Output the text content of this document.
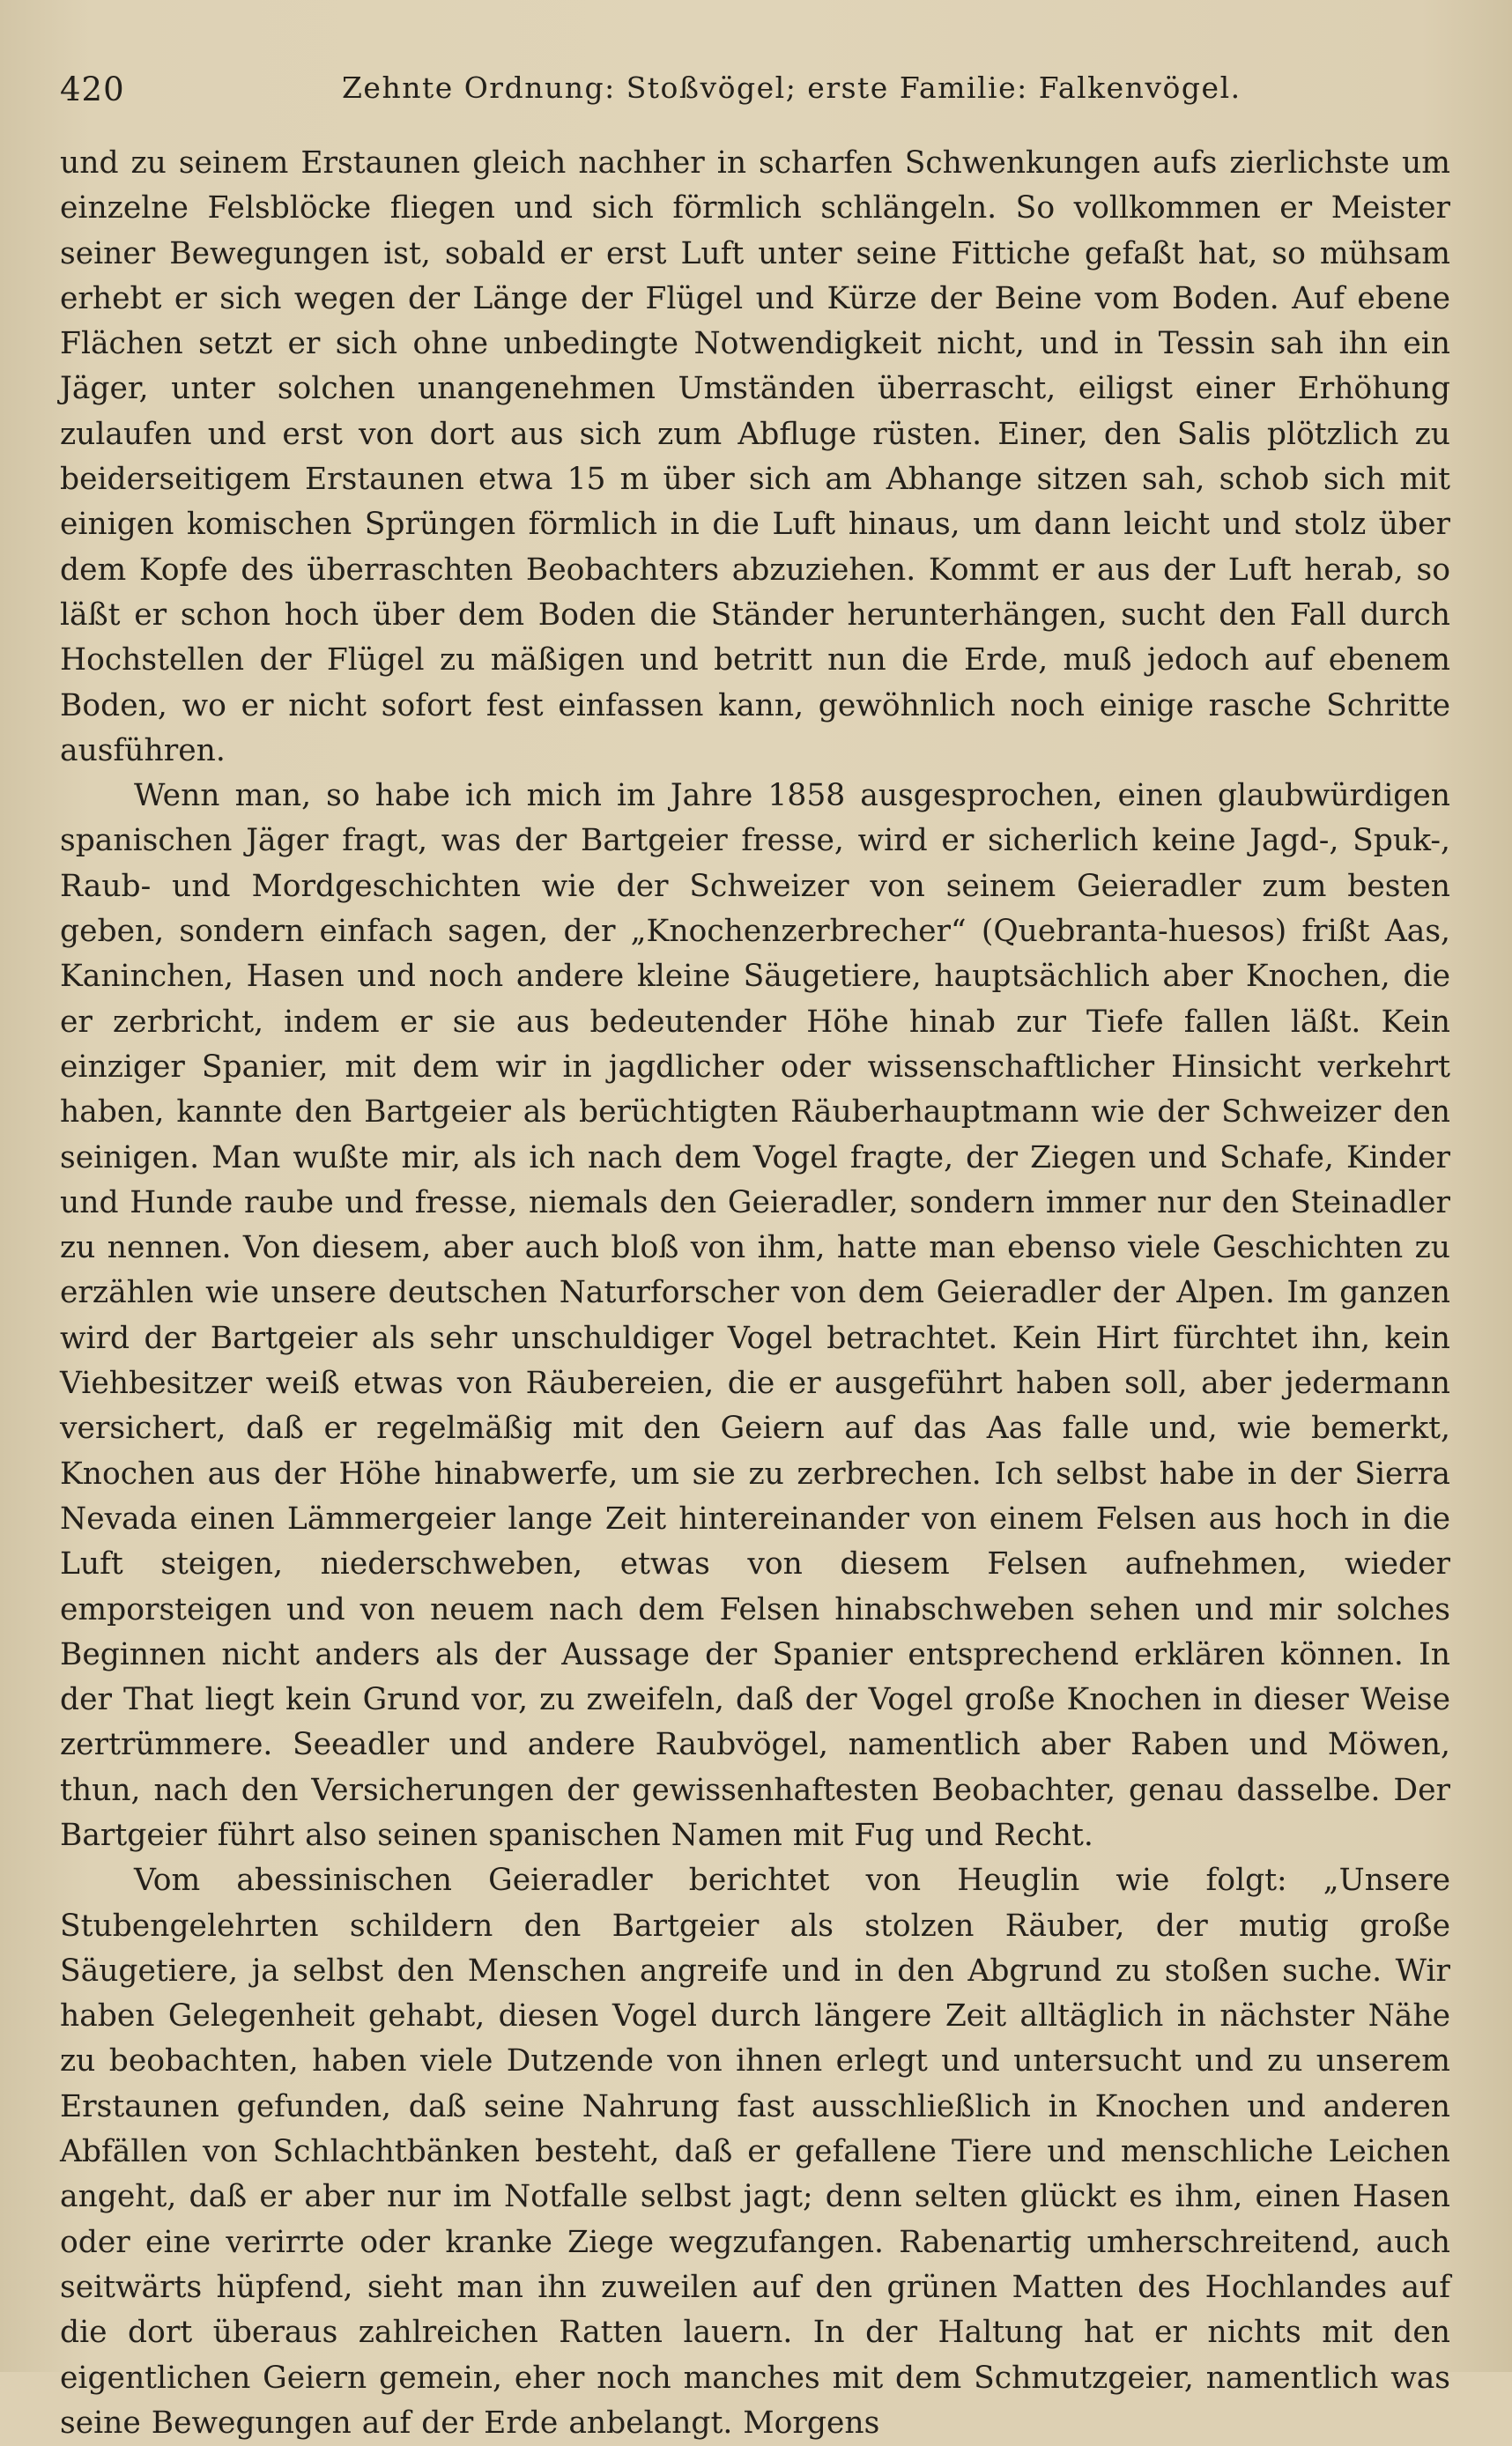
420	Zehnte Ordnung: Stoßvögel; erste Familie: Falkenvögel.

und zu seinem Erstaunen gleich nachher in scharfen Schwenkungen aufs zierlichste um einzelne Felsblöcke fliegen und sich förmlich schlängeln. So vollkommen er Meister seiner Bewegungen ist, sobald er erst Luft unter seine Fittiche gefaßt hat, so mühsam erhebt er sich wegen der Länge der Flügel und Kürze der Beine vom Boden. Auf ebene Flächen setzt er sich ohne unbedingte Notwendigkeit nicht, und in Tessin sah ihn ein Jäger, unter solchen unangenehmen Umständen überrascht, eiligst einer Erhöhung zulaufen und erst von dort aus sich zum Abfluge rüsten. Einer, den Salis plötzlich zu beiderseitigem Erstaunen etwa 15 m über sich am Abhange sitzen sah, schob sich mit einigen komischen Sprüngen förmlich in die Luft hinaus, um dann leicht und stolz über dem Kopfe des überraschten Beobachters abzuziehen. Kommt er aus der Luft herab, so läßt er schon hoch über dem Boden die Ständer herunterhängen, sucht den Fall durch Hochstellen der Flügel zu mäßigen und betritt nun die Erde, muß jedoch auf ebenem Boden, wo er nicht sofort fest einfassen kann, gewöhnlich noch einige rasche Schritte ausführen.

Wenn man, so habe ich mich im Jahre 1858 ausgesprochen, einen glaubwürdigen spanischen Jäger fragt, was der Bartgeier fresse, wird er sicherlich keine Jagd-, Spuk-, Raub- und Mordgeschichten wie der Schweizer von seinem Geieradler zum besten geben, sondern einfach sagen, der „Knochenzerbrecher“ (Quebranta-huesos) frißt Aas, Kaninchen, Hasen und noch andere kleine Säugetiere, hauptsächlich aber Knochen, die er zerbricht, indem er sie aus bedeutender Höhe hinab zur Tiefe fallen läßt. Kein einziger Spanier, mit dem wir in jagdlicher oder wissenschaftlicher Hinsicht verkehrt haben, kannte den Bartgeier als berüchtigten Räuberhauptmann wie der Schweizer den seinigen. Man wußte mir, als ich nach dem Vogel fragte, der Ziegen und Schafe, Kinder und Hunde raube und fresse, niemals den Geieradler, sondern immer nur den Steinadler zu nennen. Von diesem, aber auch bloß von ihm, hatte man ebenso viele Geschichten zu erzählen wie unsere deutschen Naturforscher von dem Geieradler der Alpen. Im ganzen wird der Bartgeier als sehr unschuldiger Vogel betrachtet. Kein Hirt fürchtet ihn, kein Viehbesitzer weiß etwas von Räubereien, die er ausgeführt haben soll, aber jedermann versichert, daß er regelmäßig mit den Geiern auf das Aas falle und, wie bemerkt, Knochen aus der Höhe hinabwerfe, um sie zu zerbrechen. Ich selbst habe in der Sierra Nevada einen Lämmergeier lange Zeit hintereinander von einem Felsen aus hoch in die Luft steigen, niederschweben, etwas von diesem Felsen aufnehmen, wieder emporsteigen und von neuem nach dem Felsen hinabschweben sehen und mir solches Beginnen nicht anders als der Aussage der Spanier entsprechend erklären können. In der That liegt kein Grund vor, zu zweifeln, daß der Vogel große Knochen in dieser Weise zertrümmere. Seeadler und andere Raubvögel, namentlich aber Raben und Möwen, thun, nach den Versicherungen der gewissenhaftesten Beobachter, genau dasselbe. Der Bartgeier führt also seinen spanischen Namen mit Fug und Recht.

Vom abessinischen Geieradler berichtet von Heuglin wie folgt: „Unsere Stubengelehrten schildern den Bartgeier als stolzen Räuber, der mutig große Säugetiere, ja selbst den Menschen angreife und in den Abgrund zu stoßen suche. Wir haben Gelegenheit gehabt, diesen Vogel durch längere Zeit alltäglich in nächster Nähe zu beobachten, haben viele Dutzende von ihnen erlegt und untersucht und zu unserem Erstaunen gefunden, daß seine Nahrung fast ausschließlich in Knochen und anderen Abfällen von Schlachtbänken besteht, daß er gefallene Tiere und menschliche Leichen angeht, daß er aber nur im Notfalle selbst jagt; denn selten glückt es ihm, einen Hasen oder eine verirrte oder kranke Ziege wegzufangen. Rabenartig umherschreitend, auch seitwärts hüpfend, sieht man ihn zuweilen auf den grünen Matten des Hochlandes auf die dort überaus zahlreichen Ratten lauern. In der Haltung hat er nichts mit den eigentlichen Geiern gemein, eher noch manches mit dem Schmutzgeier, namentlich was seine Bewegungen auf der Erde anbelangt. Morgens
